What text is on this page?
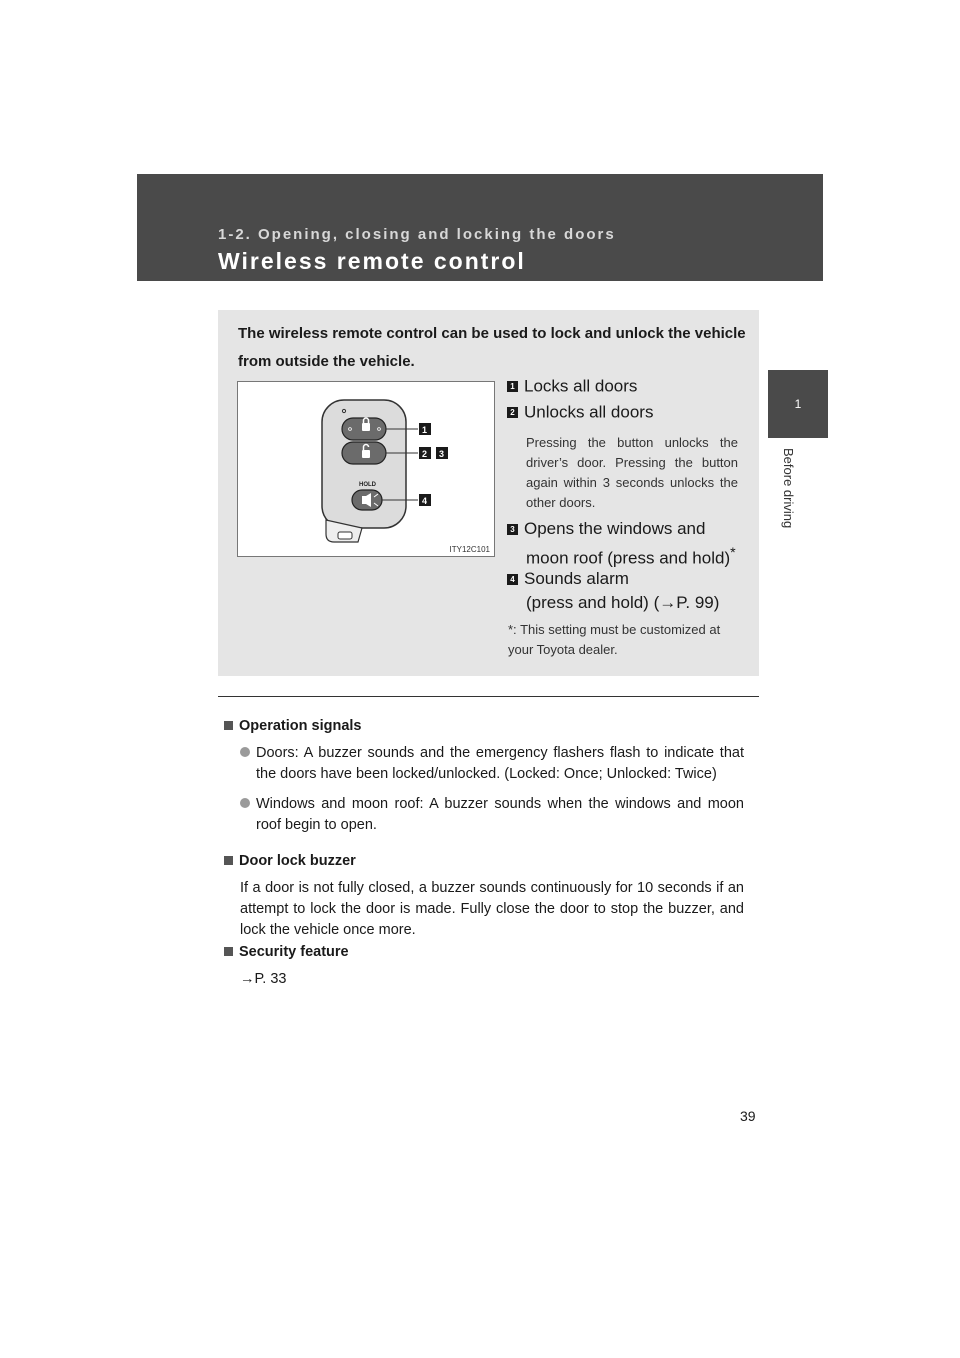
1-2. Opening, closing and locking the doors
Wireless remote control
1
Before driving

The wireless remote control can be used to lock and unlock the vehicle from outside the vehicle.

HOLD
1
2 3
4
ITY12C101
1 Locks all doors
2 Unlocks all doors

Pressing the button unlocks the driver’s door. Pressing the button again within 3 seconds unlocks the other doors.

3 Opens the windows and
moon roof (press and hold)*
4 Sounds alarm
(press and hold) (→P. 99)
*: This setting must be customized at your Toyota dealer.
Operation signals
Doors: A buzzer sounds and the emergency flashers flash to indicate that the doors have been locked/unlocked. (Locked: Once; Unlocked: Twice)
Windows and moon roof: A buzzer sounds when the windows and moon roof begin to open.
Door lock buzzer
If a door is not fully closed, a buzzer sounds continuously for 10 seconds if an attempt to lock the door is made. Fully close the door to stop the buzzer, and lock the vehicle once more.
Security feature
→P. 33
39
